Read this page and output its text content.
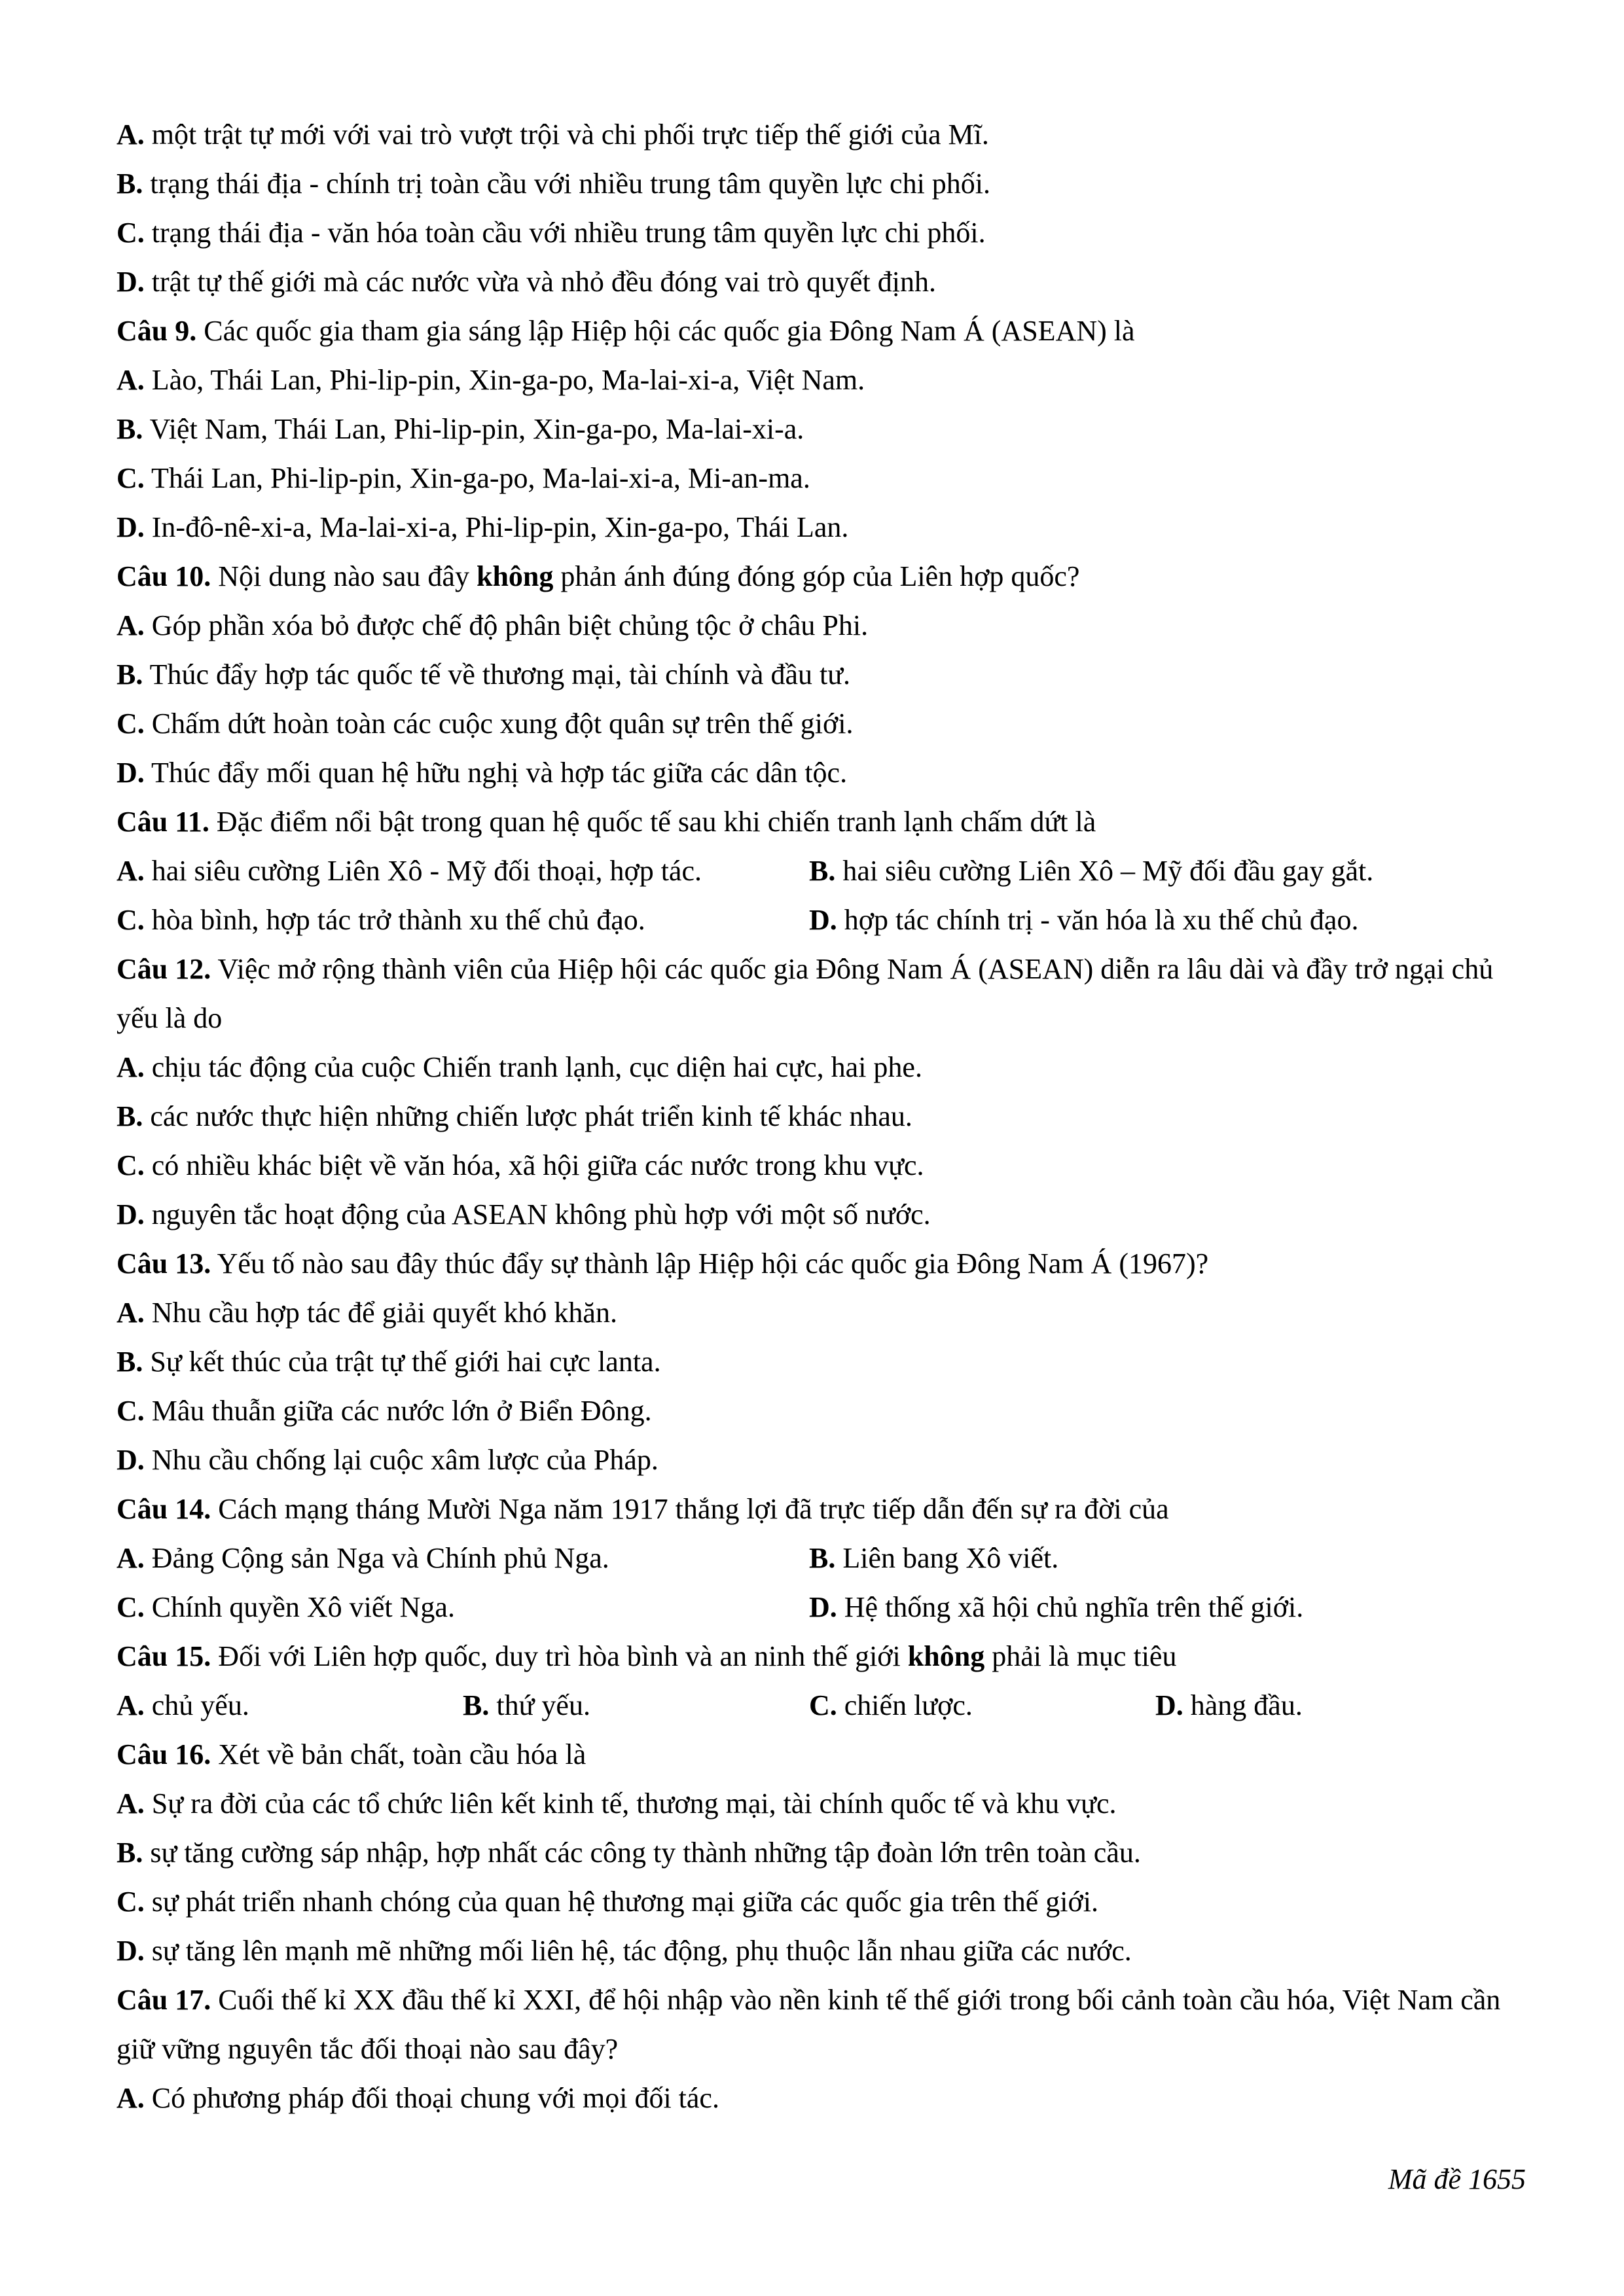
A. một trật tự mới với vai trò vượt trội và chi phối trực tiếp thế giới của Mĩ.
B. trạng thái địa - chính trị toàn cầu với nhiều trung tâm quyền lực chi phối.
C. trạng thái địa - văn hóa toàn cầu với nhiều trung tâm quyền lực chi phối.
D. trật tự thế giới mà các nước vừa và nhỏ đều đóng vai trò quyết định.
Câu 9. Các quốc gia tham gia sáng lập Hiệp hội các quốc gia Đông Nam Á (ASEAN) là
A. Lào, Thái Lan, Phi-lip-pin, Xin-ga-po, Ma-lai-xi-a, Việt Nam.
B. Việt Nam, Thái Lan, Phi-lip-pin, Xin-ga-po, Ma-lai-xi-a.
C. Thái Lan, Phi-lip-pin, Xin-ga-po, Ma-lai-xi-a, Mi-an-ma.
D. In-đô-nê-xi-a, Ma-lai-xi-a, Phi-lip-pin, Xin-ga-po, Thái Lan.
Câu 10. Nội dung nào sau đây không phản ánh đúng đóng góp của Liên hợp quốc?
A. Góp phần xóa bỏ được chế độ phân biệt chủng tộc ở châu Phi.
B. Thúc đẩy hợp tác quốc tế về thương mại, tài chính và đầu tư.
C. Chấm dứt hoàn toàn các cuộc xung đột quân sự trên thế giới.
D. Thúc đẩy mối quan hệ hữu nghị và hợp tác giữa các dân tộc.
Câu 11. Đặc điểm nổi bật trong quan hệ quốc tế sau khi chiến tranh lạnh chấm dứt là
A. hai siêu cường Liên Xô - Mỹ đối thoại, hợp tác.	B. hai siêu cường Liên Xô – Mỹ đối đầu gay gắt.
C. hòa bình, hợp tác trở thành xu thế chủ đạo.	D. hợp tác chính trị - văn hóa là xu thế chủ đạo.
Câu 12. Việc mở rộng thành viên của Hiệp hội các quốc gia Đông Nam Á (ASEAN) diễn ra lâu dài và đầy trở ngại chủ yếu là do
A. chịu tác động của cuộc Chiến tranh lạnh, cục diện hai cực, hai phe.
B. các nước thực hiện những chiến lược phát triển kinh tế khác nhau.
C. có nhiều khác biệt về văn hóa, xã hội giữa các nước trong khu vực.
D. nguyên tắc hoạt động của ASEAN không phù hợp với một số nước.
Câu 13. Yếu tố nào sau đây thúc đẩy sự thành lập Hiệp hội các quốc gia Đông Nam Á (1967)?
A. Nhu cầu hợp tác để giải quyết khó khăn.
B. Sự kết thúc của trật tự thế giới hai cực lanta.
C. Mâu thuẫn giữa các nước lớn ở Biển Đông.
D. Nhu cầu chống lại cuộc xâm lược của Pháp.
Câu 14. Cách mạng tháng Mười Nga năm 1917 thắng lợi đã trực tiếp dẫn đến sự ra đời của
A. Đảng Cộng sản Nga và Chính phủ Nga.	B. Liên bang Xô viết.
C. Chính quyền Xô viết Nga.	D. Hệ thống xã hội chủ nghĩa trên thế giới.
Câu 15. Đối với Liên hợp quốc, duy trì hòa bình và an ninh thế giới không phải là mục tiêu
A. chủ yếu.	B. thứ yếu.	C. chiến lược.	D. hàng đầu.
Câu 16. Xét về bản chất, toàn cầu hóa là
A. Sự ra đời của các tổ chức liên kết kinh tế, thương mại, tài chính quốc tế và khu vực.
B. sự tăng cường sáp nhập, hợp nhất các công ty thành những tập đoàn lớn trên toàn cầu.
C. sự phát triển nhanh chóng của quan hệ thương mại giữa các quốc gia trên thế giới.
D. sự tăng lên mạnh mẽ những mối liên hệ, tác động, phụ thuộc lẫn nhau giữa các nước.
Câu 17. Cuối thế kỉ XX đầu thế kỉ XXI, để hội nhập vào nền kinh tế thế giới trong bối cảnh toàn cầu hóa, Việt Nam cần giữ vững nguyên tắc đối thoại nào sau đây?
A. Có phương pháp đối thoại chung với mọi đối tác.
Mã đề 1655
